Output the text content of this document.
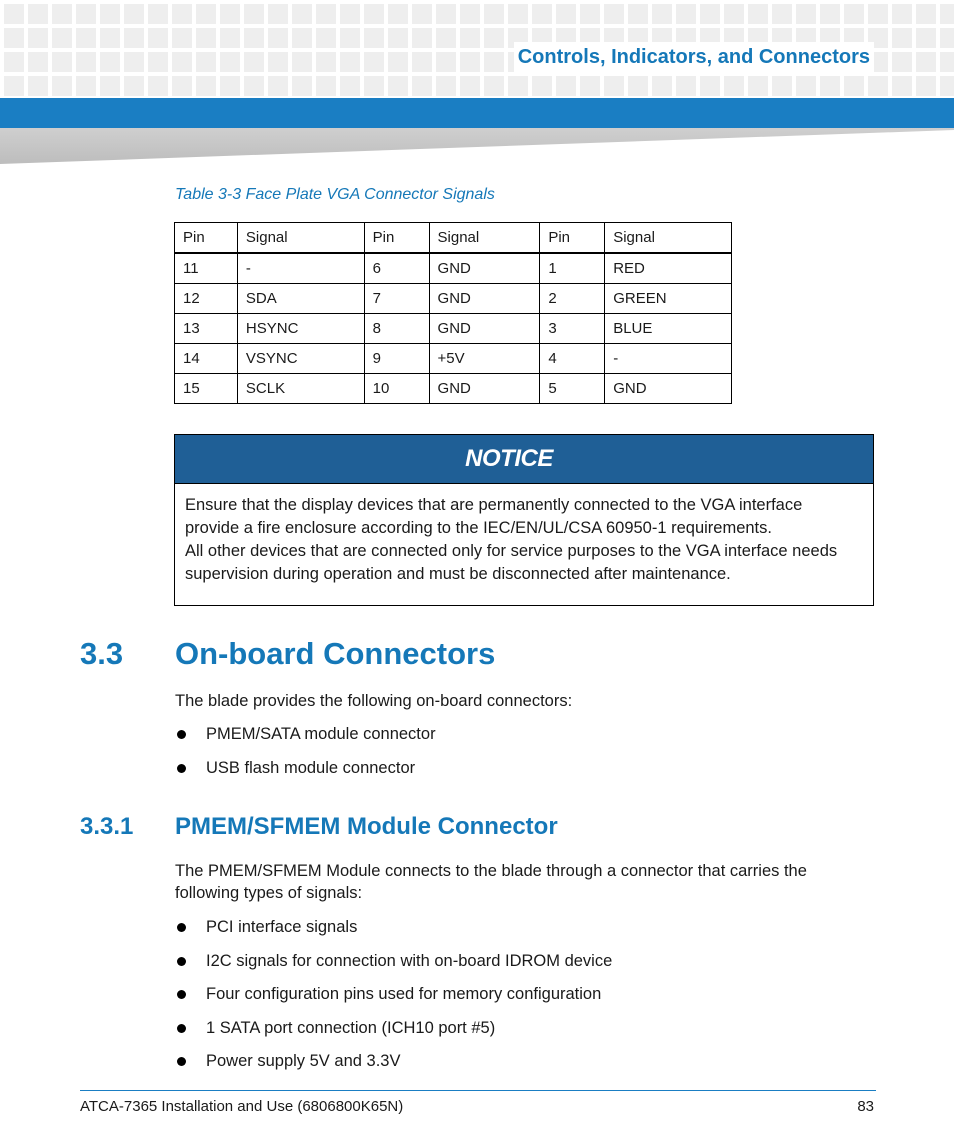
Controls, Indicators, and Connectors
Table 3-3 Face Plate VGA Connector Signals
Pin	Signal	Pin	Signal	Pin	Signal
11	-	6	GND	1	RED
12	SDA	7	GND	2	GREEN
13	HSYNC	8	GND	3	BLUE
14	VSYNC	9	+5V	4	-
15	SCLK	10	GND	5	GND
NOTICE

Ensure that the display devices that are permanently connected to the VGA interface

provide a fire enclosure according to the IEC/EN/UL/CSA 60950-1 requirements.

All other devices that are connected only for service purposes to the VGA interface needs

supervision during operation and must be disconnected after maintenance.

3.3	On-board Connectors

The blade provides the following on-board connectors:

PMEM/SATA module connector
USB flash module connector
3.3.1	PMEM/SFMEM Module Connector

The PMEM/SFMEM Module connects to the blade through a connector that carries the

following types of signals:

PCI interface signals
I2C signals for connection with on-board IDROM device
Four configuration pins used for memory configuration
1 SATA port connection (ICH10 port #5)
Power supply 5V and 3.3V
ATCA-7365 Installation and Use (6806800K65N)	83
